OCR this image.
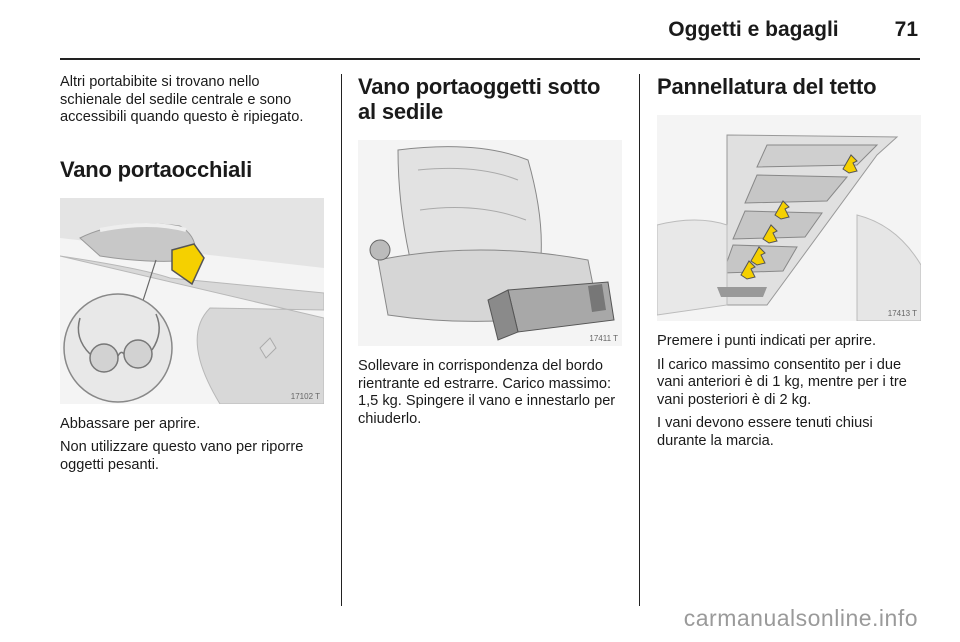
Oggetti e bagagli	71

Altri portabibite si trovano nello schienale del sedile centrale e sono accessibili quando questo è ripiegato.

Vano portaocchiali
17102 T

Abbassare per aprire.

Non utilizzare questo vano per riporre oggetti pesanti.

Vano portaoggetti sotto al sedile
17411 T

Sollevare in corrispondenza del bordo rientrante ed estrarre. Carico massimo: 1,5 kg. Spingere il vano e innestarlo per chiuderlo.

Pannellatura del tetto
17413 T

Premere i punti indicati per aprire.

Il carico massimo consentito per i due vani anteriori è di 1 kg, mentre per i tre vani posteriori è di 2 kg.

I vani devono essere tenuti chiusi durante la marcia.

carmanualsonline.info
